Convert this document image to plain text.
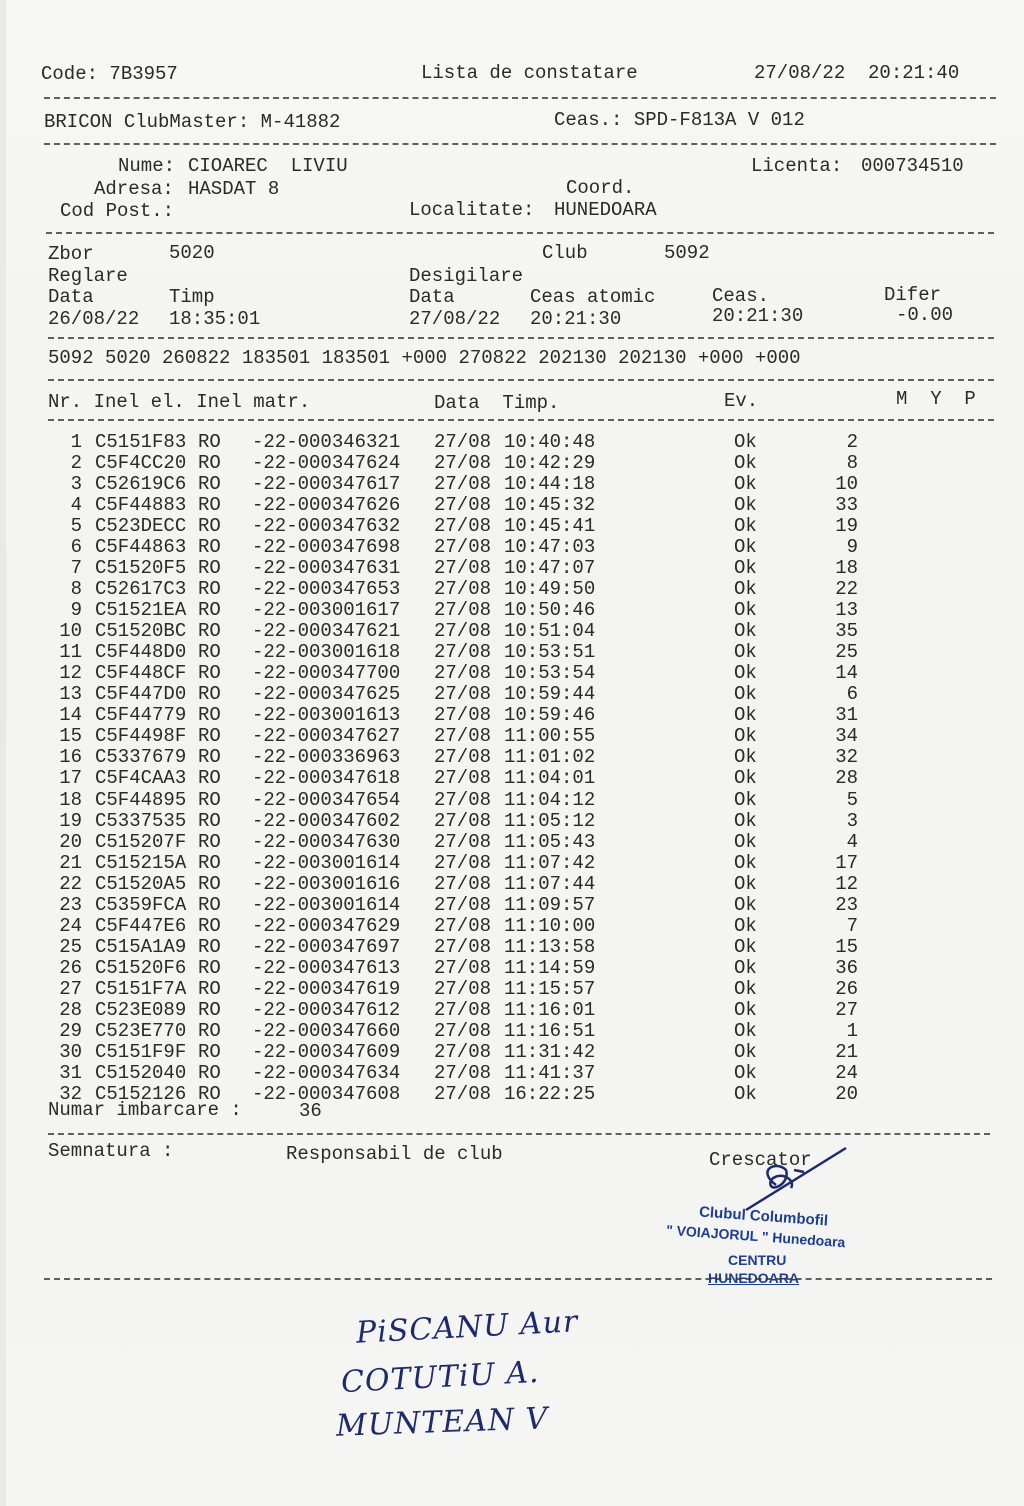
Code: 7B3957	Lista de constatare	27/08/22  20:21:40
BRICON ClubMaster: M-41882	Ceas.: SPD-F813A V 012
Nume: CIOAREC  LIVIU	Licenta: 000734510
Adresa: HASDAT 8	Coord.
Cod Post.:	Localitate: HUNEDOARA
Zbor	5020	Club	5092
Reglare	Desigilare
Data	Timp	Data	Ceas atomic	Ceas.	Difer
26/08/22 18:35:01	27/08/22 20:21:30	20:21:30	-0.00
5092 5020 260822 183501 183501 +000 270822 202130 202130 +000 +000
Nr. Inel el. Inel matr.	Data  Timp.	Ev.	M  Y  P
1 C5151F83 RO -22-000346321 27/08 10:40:48	Ok	2
2 C5F4CC20 RO -22-000347624 27/08 10:42:29	Ok	8
3 C52619C6 RO -22-000347617 27/08 10:44:18	Ok	10
4 C5F44883 RO -22-000347626 27/08 10:45:32	Ok	33
5 C523DECC RO -22-000347632 27/08 10:45:41	Ok	19
6 C5F44863 RO -22-000347698 27/08 10:47:03	Ok	9
7 C51520F5 RO -22-000347631 27/08 10:47:07	Ok	18
8 C52617C3 RO -22-000347653 27/08 10:49:50	Ok	22
9 C51521EA RO -22-003001617 27/08 10:50:46	Ok	13
10 C51520BC RO -22-000347621 27/08 10:51:04	Ok	35
11 C5F448D0 RO -22-003001618 27/08 10:53:51	Ok	25
12 C5F448CF RO -22-000347700 27/08 10:53:54	Ok	14
13 C5F447D0 RO -22-000347625 27/08 10:59:44	Ok	6
14 C5F44779 RO -22-003001613 27/08 10:59:46	Ok	31
15 C5F4498F RO -22-000347627 27/08 11:00:55	Ok	34
16 C5337679 RO -22-000336963 27/08 11:01:02	Ok	32
17 C5F4CAA3 RO -22-000347618 27/08 11:04:01	Ok	28
18 C5F44895 RO -22-000347654 27/08 11:04:12	Ok	5
19 C5337535 RO -22-000347602 27/08 11:05:12	Ok	3
20 C515207F RO -22-000347630 27/08 11:05:43	Ok	4
21 C515215A RO -22-003001614 27/08 11:07:42	Ok	17
22 C51520A5 RO -22-003001616 27/08 11:07:44	Ok	12
23 C5359FCA RO -22-003001614 27/08 11:09:57	Ok	23
24 C5F447E6 RO -22-000347629 27/08 11:10:00	Ok	7
25 C515A1A9 RO -22-000347697 27/08 11:13:58	Ok	15
26 C51520F6 RO -22-000347613 27/08 11:14:59	Ok	36
27 C5151F7A RO -22-000347619 27/08 11:15:57	Ok	26
28 C523E089 RO -22-000347612 27/08 11:16:01	Ok	27
29 C523E770 RO -22-000347660 27/08 11:16:51	Ok	1
30 C5151F9F RO -22-000347609 27/08 11:31:42	Ok	21
31 C5152040 RO -22-000347634 27/08 11:41:37	Ok	24
32 C5152126 RO -22-000347608 27/08 16:22:25	Ok	20
Numar imbarcare :	36
Semnatura :	Responsabil de club	Crescator
Clubul Columbofil
" VOIAJORUL " Hunedoara
CENTRU
HUNEDOARA
PiSCANU Aur
COTUTiU A.
MUNTEAN V
